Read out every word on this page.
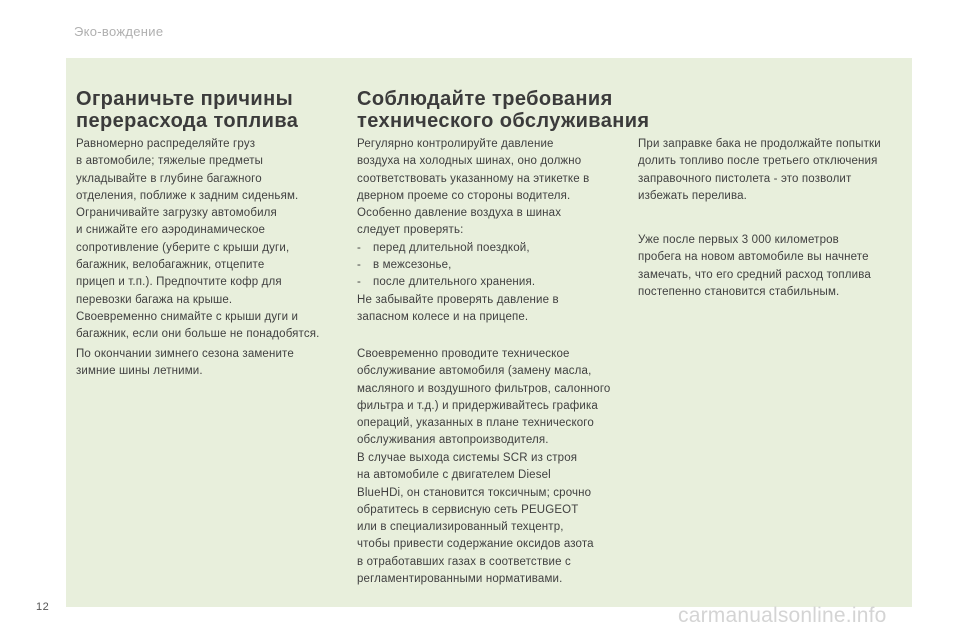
Эко-вождение
Ограничьте причины
перерасхода топлива

Равномерно распределяйте груз
в автомобиле; тяжелые предметы
укладывайте в глубине багажного
отделения, поближе к задним сиденьям.
Ограничивайте загрузку автомобиля
и снижайте его аэродинамическое
сопротивление (уберите с крыши дуги,
багажник, велобагажник, отцепите
прицеп и т.п.). Предпочтите кофр для
перевозки багажа на крыше.
Своевременно снимайте с крыши дуги и
багажник, если они больше не понадобятся.

По окончании зимнего сезона замените
зимние шины летними.

Соблюдайте требования
технического обслуживания

Регулярно контролируйте давление
воздуха на холодных шинах, оно должно
соответствовать указанному на этикетке в
дверном проеме со стороны водителя.
Особенно давление воздуха в шинах
следует проверять:
- перед длительной поездкой,
- в межсезонье,
- после длительного хранения.
Не забывайте проверять давление в
запасном колесе и на прицепе.

Своевременно проводите техническое
обслуживание автомобиля (замену масла,
масляного и воздушного фильтров, салонного
фильтра и т.д.) и придерживайтесь графика
операций, указанных в плане технического
обслуживания автопроизводителя.

В случае выхода системы SCR из строя
на автомобиле с двигателем Diesel
BlueHDi, он становится токсичным; срочно
обратитесь в сервисную сеть PEUGEOT
или в специализированный техцентр,
чтобы привести содержание оксидов азота
в отработавших газах в соответствие с
регламентированными нормативами.

При заправке бака не продолжайте попытки
долить топливо после третьего отключения
заправочного пистолета - это позволит
избежать перелива.

Уже после первых 3 000 километров
пробега на новом автомобиле вы начнете
замечать, что его средний расход топлива
постепенно становится стабильным.

12	carmanualsonline.info
